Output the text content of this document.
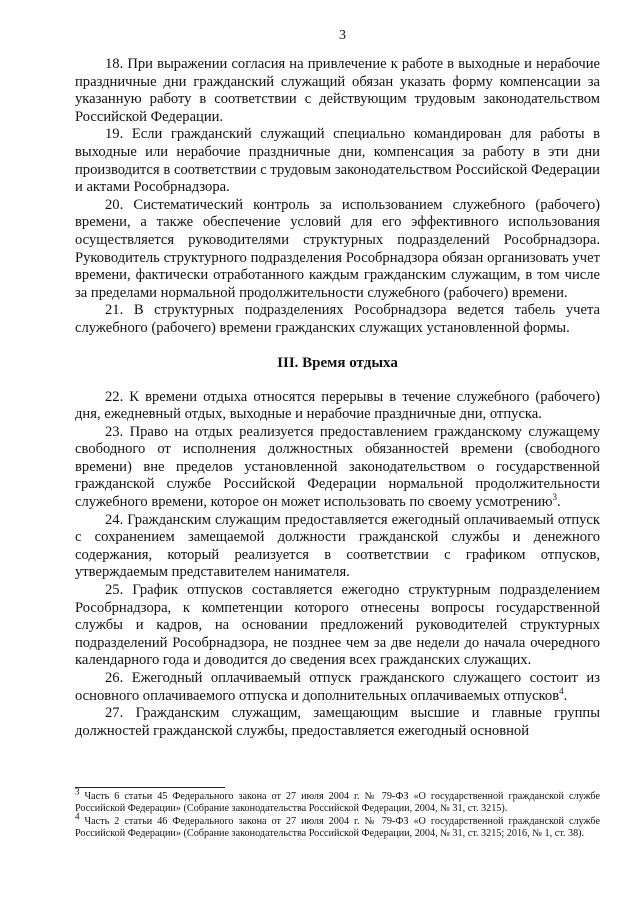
3

18. При выражении согласия на привлечение к работе в выходные и нерабочие праздничные дни гражданский служащий обязан указать форму компенсации за указанную работу в соответствии с действующим трудовым законодательством Российской Федерации.

19. Если гражданский служащий специально командирован для работы в выходные или нерабочие праздничные дни, компенсация за работу в эти дни производится в соответствии с трудовым законодательством Российской Федерации и актами Рособрнадзора.

20. Систематический контроль за использованием служебного (рабочего) времени, а также обеспечение условий для его эффективного использования осуществляется руководителями структурных подразделений Рособрнадзора. Руководитель структурного подразделения Рособрнадзора обязан организовать учет времени, фактически отработанного каждым гражданским служащим, в том числе за пределами нормальной продолжительности служебного (рабочего) времени.

21. В структурных подразделениях Рособрнадзора ведется табель учета служебного (рабочего) времени гражданских служащих установленной формы.

III. Время отдыха

22. К времени отдыха относятся перерывы в течение служебного (рабочего) дня, ежедневный отдых, выходные и нерабочие праздничные дни, отпуска.

23. Право на отдых реализуется предоставлением гражданскому служащему свободного от исполнения должностных обязанностей времени (свободного времени) вне пределов установленной законодательством о государственной гражданской службе Российской Федерации нормальной продолжительности служебного времени, которое он может использовать по своему усмотрению$^3$.

24. Гражданским служащим предоставляется ежегодный оплачиваемый отпуск с сохранением замещаемой должности гражданской службы и денежного содержания, который реализуется в соответствии с графиком отпусков, утверждаемым представителем нанимателя.

25. График отпусков составляется ежегодно структурным подразделением Рособрнадзора, к компетенции которого отнесены вопросы государственной службы и кадров, на основании предложений руководителей структурных подразделений Рособрнадзора, не позднее чем за две недели до начала очередного календарного года и доводится до сведения всех гражданских служащих.

26. Ежегодный оплачиваемый отпуск гражданского служащего состоит из основного оплачиваемого отпуска и дополнительных оплачиваемых отпусков$^4$.

27. Гражданским служащим, замещающим высшие и главные группы должностей гражданской службы, предоставляется ежегодный основной

$^3$ Часть 6 статьи 45 Федерального закона от 27 июля 2004 г. № 79-ФЗ «О государственной гражданской службе Российской Федерации» (Собрание законодательства Российской Федерации, 2004, № 31, ст. 3215).

$^4$ Часть 2 статьи 46 Федерального закона от 27 июля 2004 г. № 79-ФЗ «О государственной гражданской службе Российской Федерации» (Собрание законодательства Российской Федерации, 2004, № 31, ст. 3215; 2016, № 1, ст. 38).
